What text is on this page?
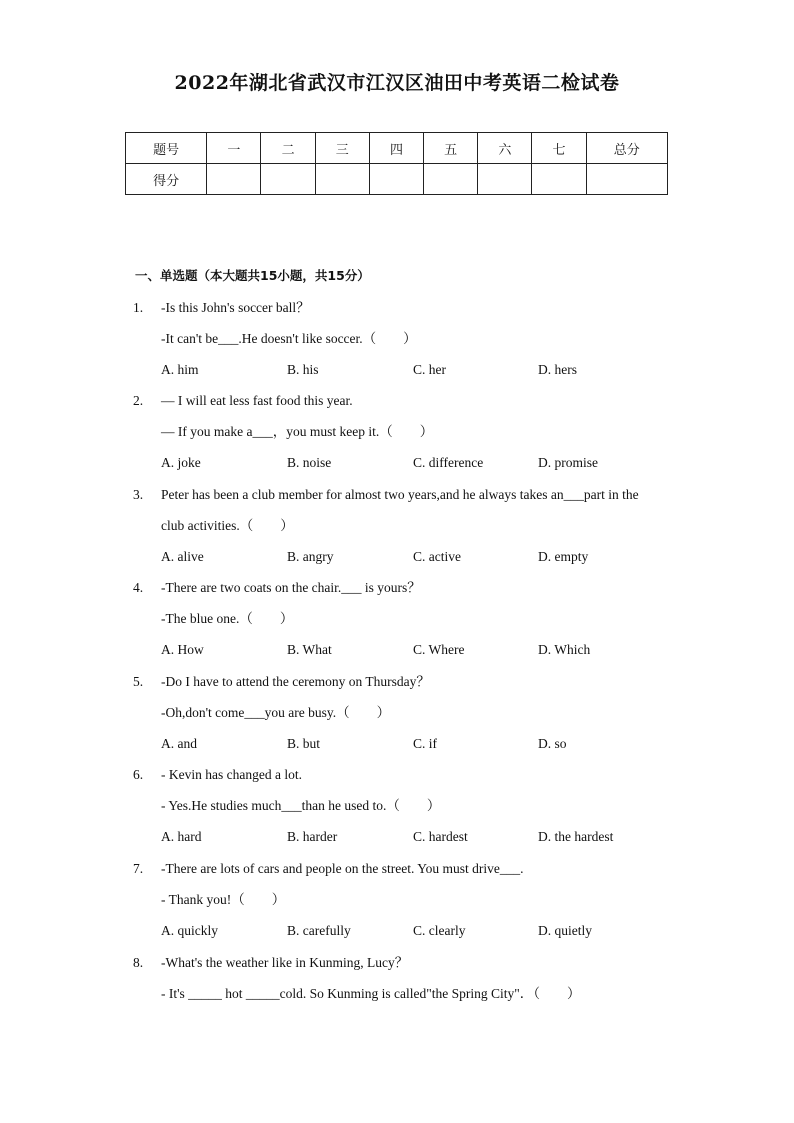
2022年湖北省武汉市江汉区油田中考英语二检试卷
题号	一	二	三	四	五	六	七	总分
得分								
一、单选题（本大题共15小题，共15分）
1. -Is this John's soccer ball？
-It can't be___.He doesn't like soccer.（　　）
A. him	B. his	C. her	D. hers
2. — I will eat less fast food this year.
— If you make a___，you must keep it.（　　）
A. joke	B. noise	C. difference	D. promise
3. Peter has been a club member for almost two years,and he always takes an___part in the
club activities.（　　）
A. alive	B. angry	C. active	D. empty
4. -There are two coats on the chair.___ is yours？
-The blue one.（　　）
A. How	B. What	C. Where	D. Which
5. -Do I have to attend the ceremony on Thursday？
-Oh,don't come___you are busy.（　　）
A. and	B. but	C. if	D. so
6. - Kevin has changed a lot.
- Yes.He studies much___than he used to.（　　）
A. hard	B. harder	C. hardest	D. the hardest
7. -There are lots of cars and people on the street. You must drive___.
- Thank you!（　　）
A. quickly	B. carefully	C. clearly	D. quietly
8. -What's the weather like in Kunming, Lucy？
- It's _____ hot _____cold. So Kunming is called"the Spring City"．（　　）
